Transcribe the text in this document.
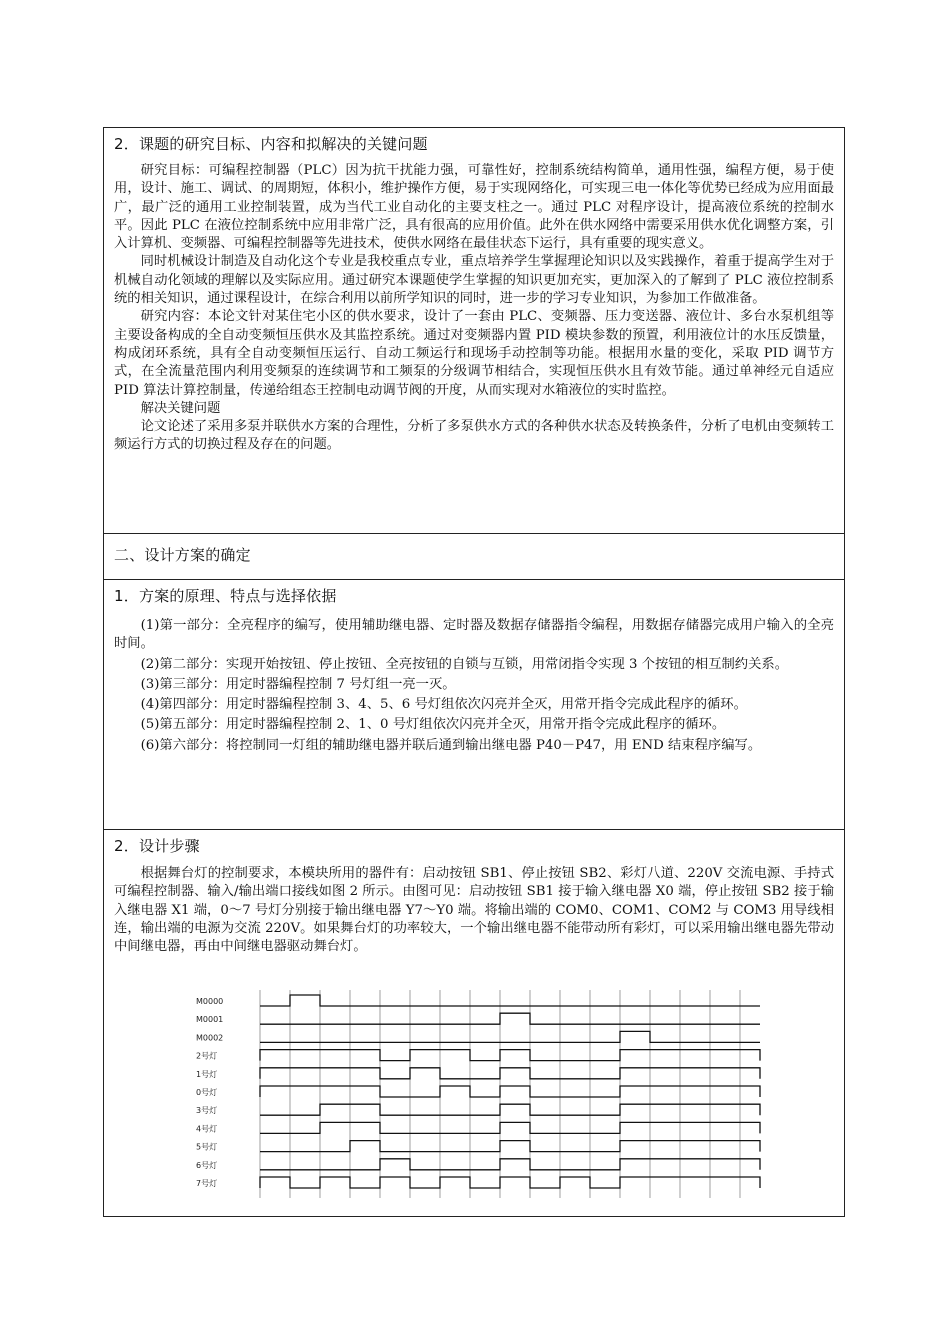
2．课题的研究目标、内容和拟解决的关键问题

研究目标：可编程控制器（PLC）因为抗干扰能力强，可靠性好，控制系统结构简单，通用性强，编程方便，易于使用，设计、施工、调试、的周期短，体积小，维护操作方便，易于实现网络化，可实现三电一体化等优势已经成为应用面最广，最广泛的通用工业控制装置，成为当代工业自动化的主要支柱之一。通过 PLC 对程序设计，提高液位系统的控制水平。因此 PLC 在液位控制系统中应用非常广泛，具有很高的应用价值。此外在供水网络中需要采用供水优化调整方案，引入计算机、变频器、可编程控制器等先进技术，使供水网络在最佳状态下运行，具有重要的现实意义。

同时机械设计制造及自动化这个专业是我校重点专业，重点培养学生掌握理论知识以及实践操作，着重于提高学生对于机械自动化领域的理解以及实际应用。通过研究本课题使学生掌握的知识更加充实，更加深入的了解到了 PLC 液位控制系统的相关知识，通过课程设计，在综合利用以前所学知识的同时，进一步的学习专业知识，为参加工作做准备。

研究内容：本论文针对某住宅小区的供水要求，设计了一套由 PLC、变频器、压力变送器、液位计、多台水泵机组等主要设备构成的全自动变频恒压供水及其监控系统。通过对变频器内置 PID 模块参数的预置，利用液位计的水压反馈量，构成闭环系统，具有全自动变频恒压运行、自动工频运行和现场手动控制等功能。根据用水量的变化，采取 PID 调节方式，在全流量范围内利用变频泵的连续调节和工频泵的分级调节相结合，实现恒压供水且有效节能。通过单神经元自适应 PID 算法计算控制量，传递给组态王控制电动调节阀的开度，从而实现对水箱液位的实时监控。

解决关键问题

论文论述了采用多泵并联供水方案的合理性，分析了多泵供水方式的各种供水状态及转换条件，分析了电机由变频转工频运行方式的切换过程及存在的问题。

二、设计方案的确定
1．方案的原理、特点与选择依据

(1)第一部分：全亮程序的编写，使用辅助继电器、定时器及数据存储器指令编程，用数据存储器完成用户输入的全亮时间。

(2)第二部分：实现开始按钮、停止按钮、全亮按钮的自锁与互锁，用常闭指令实现 3 个按钮的相互制约关系。

(3)第三部分：用定时器编程控制 7 号灯组一亮一灭。

(4)第四部分：用定时器编程控制 3、4、5、6 号灯组依次闪亮并全灭，用常开指令完成此程序的循环。

(5)第五部分：用定时器编程控制 2、1、0 号灯组依次闪亮并全灭，用常开指令完成此程序的循环。

(6)第六部分：将控制同一灯组的辅助继电器并联后通到输出继电器 P40－P47，用 END 结束程序编写。

2．设计步骤

根据舞台灯的控制要求，本模块所用的器件有：启动按钮 SB1、停止按钮 SB2、彩灯八道、220V 交流电源、手持式可编程控制器、输入/输出端口接线如图 2 所示。由图可见：启动按钮 SB1 接于输入继电器 X0 端，停止按钮 SB2 接于输入继电器 X1 端，0～7 号灯分别接于输出继电器 Y7～Y0 端。将输出端的 COM0、COM1、COM2 与 COM3 用导线相连，输出端的电源为交流 220V。如果舞台灯的功率较大，一个输出继电器不能带动所有彩灯，可以采用输出继电器先带动中间继电器，再由中间继电器驱动舞台灯。

M0000
M0001
M0002
2号灯
1号灯
0号灯
3号灯
4号灯
5号灯
6号灯
7号灯
